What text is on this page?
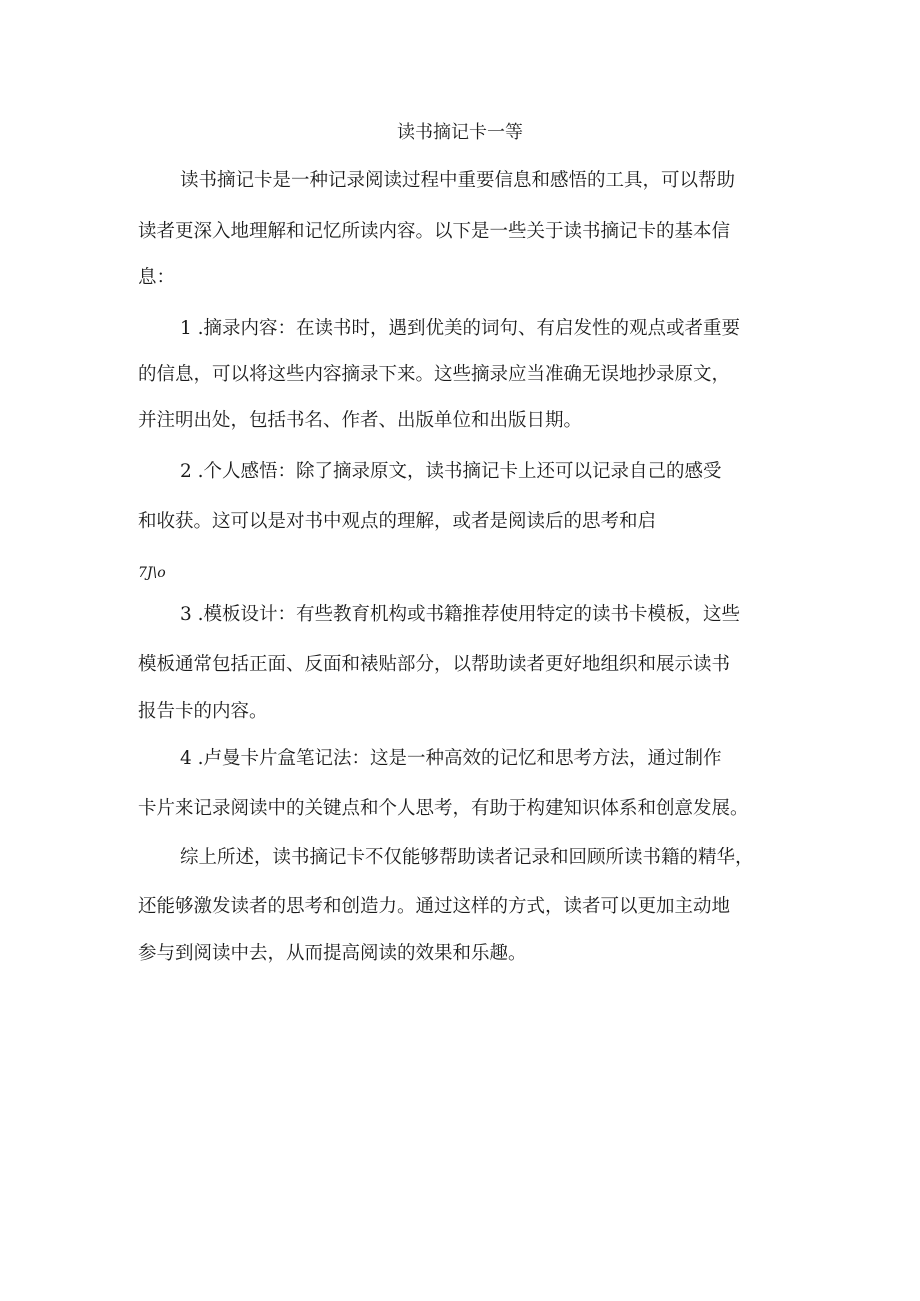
读书摘记卡一等
读书摘记卡是一种记录阅读过程中重要信息和感悟的工具，可以帮助
读者更深入地理解和记忆所读内容。以下是一些关于读书摘记卡的基本信
息：
1 .摘录内容：在读书时，遇到优美的词句、有启发性的观点或者重要
的信息，可以将这些内容摘录下来。这些摘录应当准确无误地抄录原文，
并注明出处，包括书名、作者、出版单位和出版日期。
2 .个人感悟：除了摘录原文，读书摘记卡上还可以记录自己的感受
和收获。这可以是对书中观点的理解，或者是阅读后的思考和启
7J\o
3 .模板设计：有些教育机构或书籍推荐使用特定的读书卡模板，这些
模板通常包括正面、反面和裱贴部分，以帮助读者更好地组织和展示读书
报告卡的内容。
4 .卢曼卡片盒笔记法：这是一种高效的记忆和思考方法，通过制作
卡片来记录阅读中的关键点和个人思考，有助于构建知识体系和创意发展。
综上所述，读书摘记卡不仅能够帮助读者记录和回顾所读书籍的精华，
还能够激发读者的思考和创造力。通过这样的方式，读者可以更加主动地
参与到阅读中去，从而提高阅读的效果和乐趣。
